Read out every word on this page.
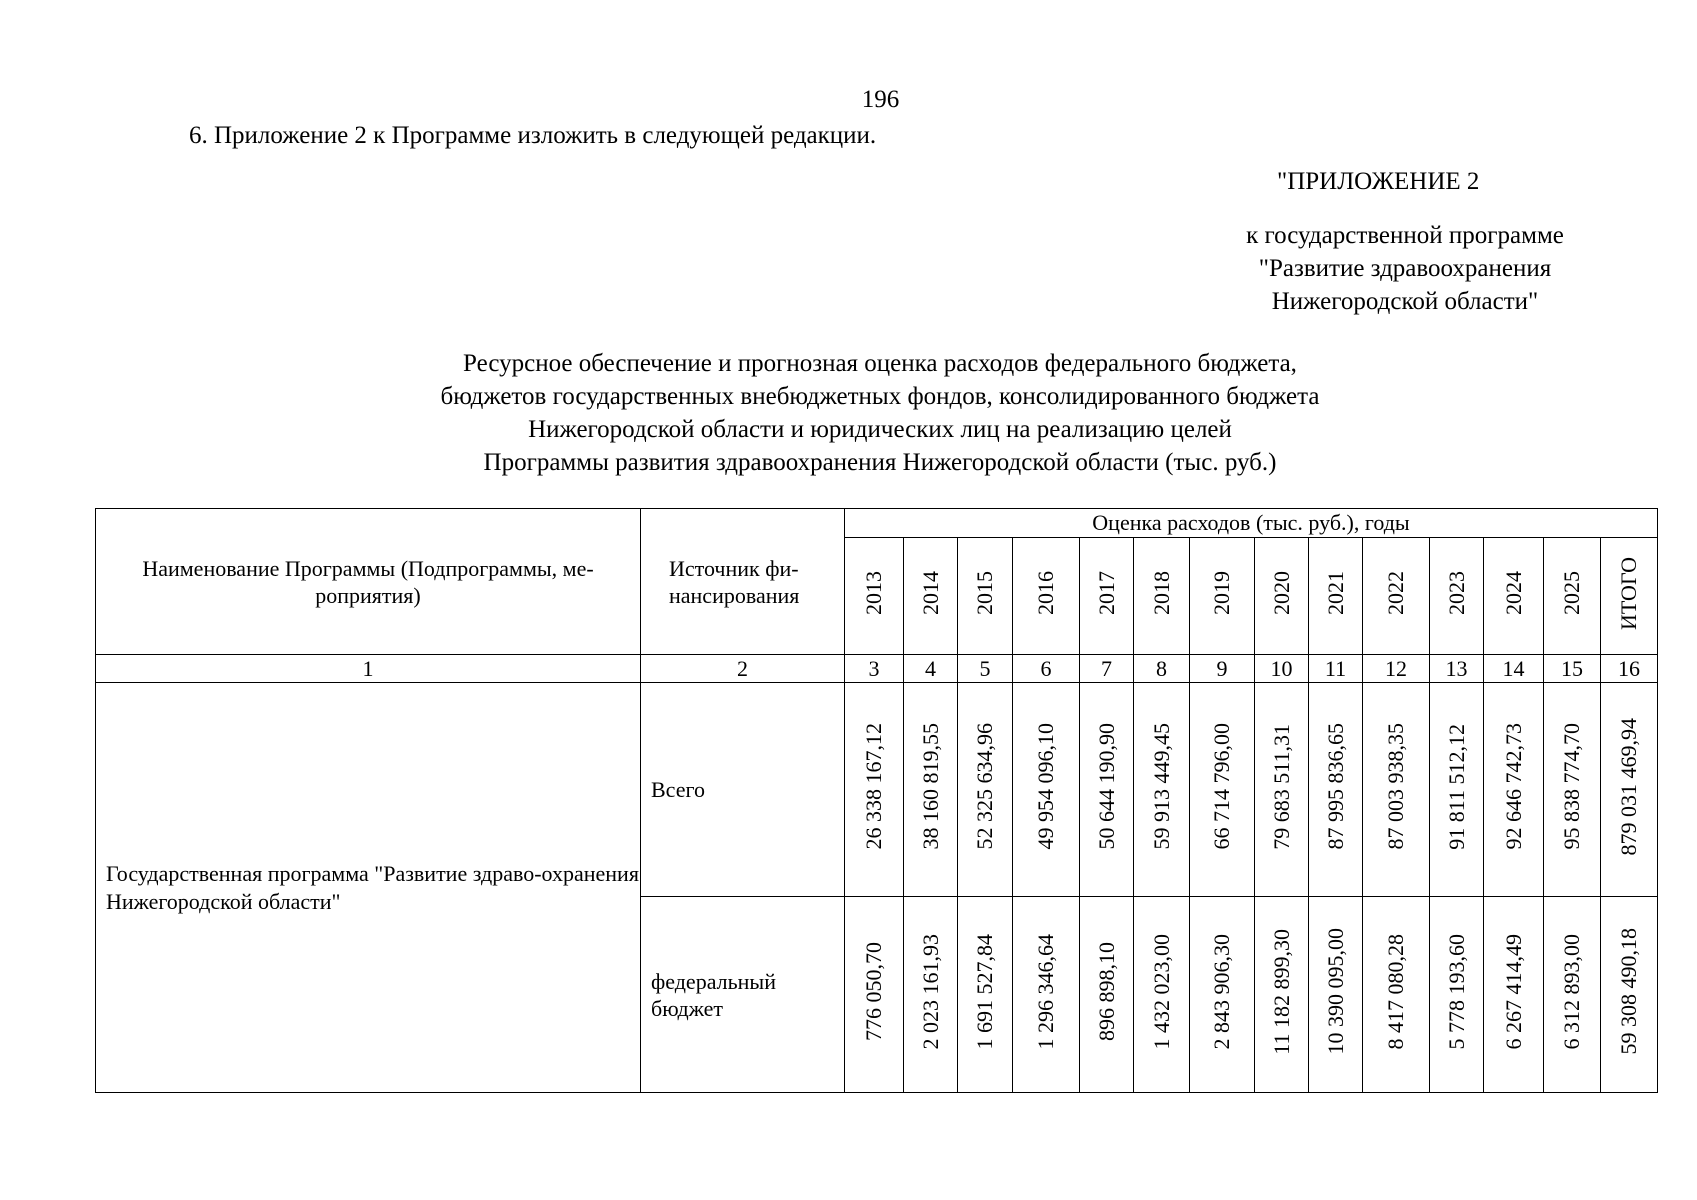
196
6. Приложение 2 к Программе изложить в следующей редакции.
"ПРИЛОЖЕНИЕ 2
к государственной программе
"Развитие здравоохранения
Нижегородской области"
Ресурсное обеспечение и прогнозная оценка расходов федерального бюджета,
бюджетов государственных внебюджетных фондов, консолидированного бюджета
Нижегородской области и юридических лиц на реализацию целей
Программы развития здравоохранения Нижегородской области (тыс. руб.)
Наименование Программы (Подпрограммы, ме-роприятия)	Источник фи-нансирования	Оценка расходов (тыс. руб.), годы													
		2013	2014	2015	2016	2017	2018	2019	2020	2021	2022	2023	2024	2025	ИТОГО
1	2	3	4	5	6	7	8	9	10	11	12	13	14	15	16
Государственная программа "Развитие здраво-охранения Нижегородской области"	Всего	26 338 167,12	38 160 819,55	52 325 634,96	49 954 096,10	50 644 190,90	59 913 449,45	66 714 796,00	79 683 511,31	87 995 836,65	87 003 938,35	91 811 512,12	92 646 742,73	95 838 774,70	879 031 469,94
	федеральный бюджет	776 050,70	2 023 161,93	1 691 527,84	1 296 346,64	896 898,10	1 432 023,00	2 843 906,30	11 182 899,30	10 390 095,00	8 417 080,28	5 778 193,60	6 267 414,49	6 312 893,00	59 308 490,18
